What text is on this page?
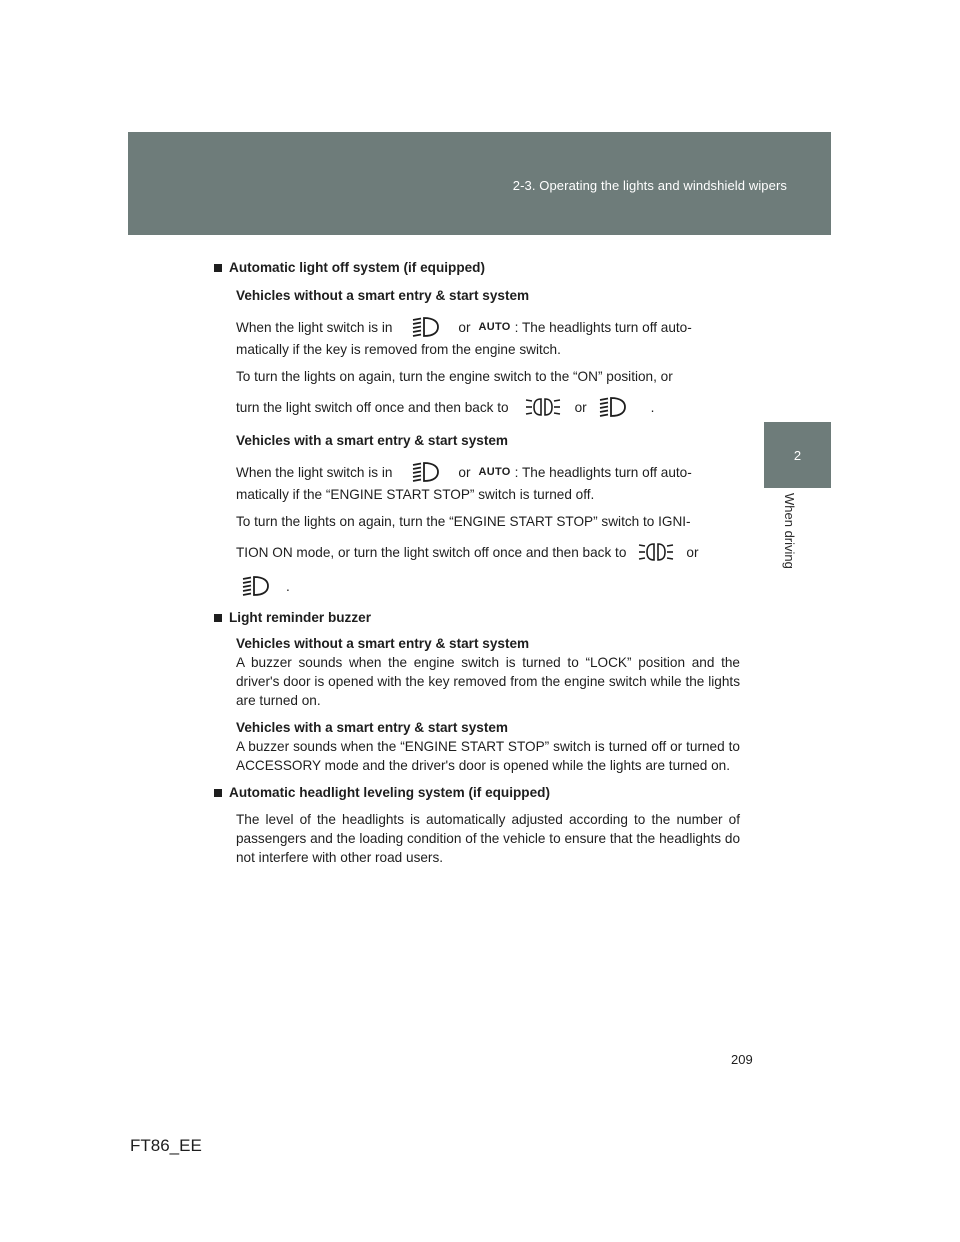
2-3. Operating the lights and windshield wipers
2
When driving
Automatic light off system (if equipped)

Vehicles without a smart entry & start system

When the light switch is in	or AUTO : The headlights turn off auto-

matically if the key is removed from the engine switch.

To turn the lights on again, turn the engine switch to the “ON” position, or

turn the light switch off once and then back to	or	.

Vehicles with a smart entry & start system

When the light switch is in	or AUTO : The headlights turn off auto-

matically if the “ENGINE START STOP” switch is turned off.

To turn the lights on again, turn the “ENGINE START STOP” switch to IGNI-

TION ON mode, or turn the light switch off once and then back to	or
.
Light reminder buzzer

Vehicles without a smart entry & start system

A buzzer sounds when the engine switch is turned to “LOCK” position and the driver's door is opened with the key removed from the engine switch while the lights are turned on.

Vehicles with a smart entry & start system

A buzzer sounds when the “ENGINE START STOP” switch is turned off or turned to ACCESSORY mode and the driver's door is opened while the lights are turned on.

Automatic headlight leveling system (if equipped)

The level of the headlights is automatically adjusted according to the number of passengers and the loading condition of the vehicle to ensure that the headlights do not interfere with other road users.

209
FT86_EE
